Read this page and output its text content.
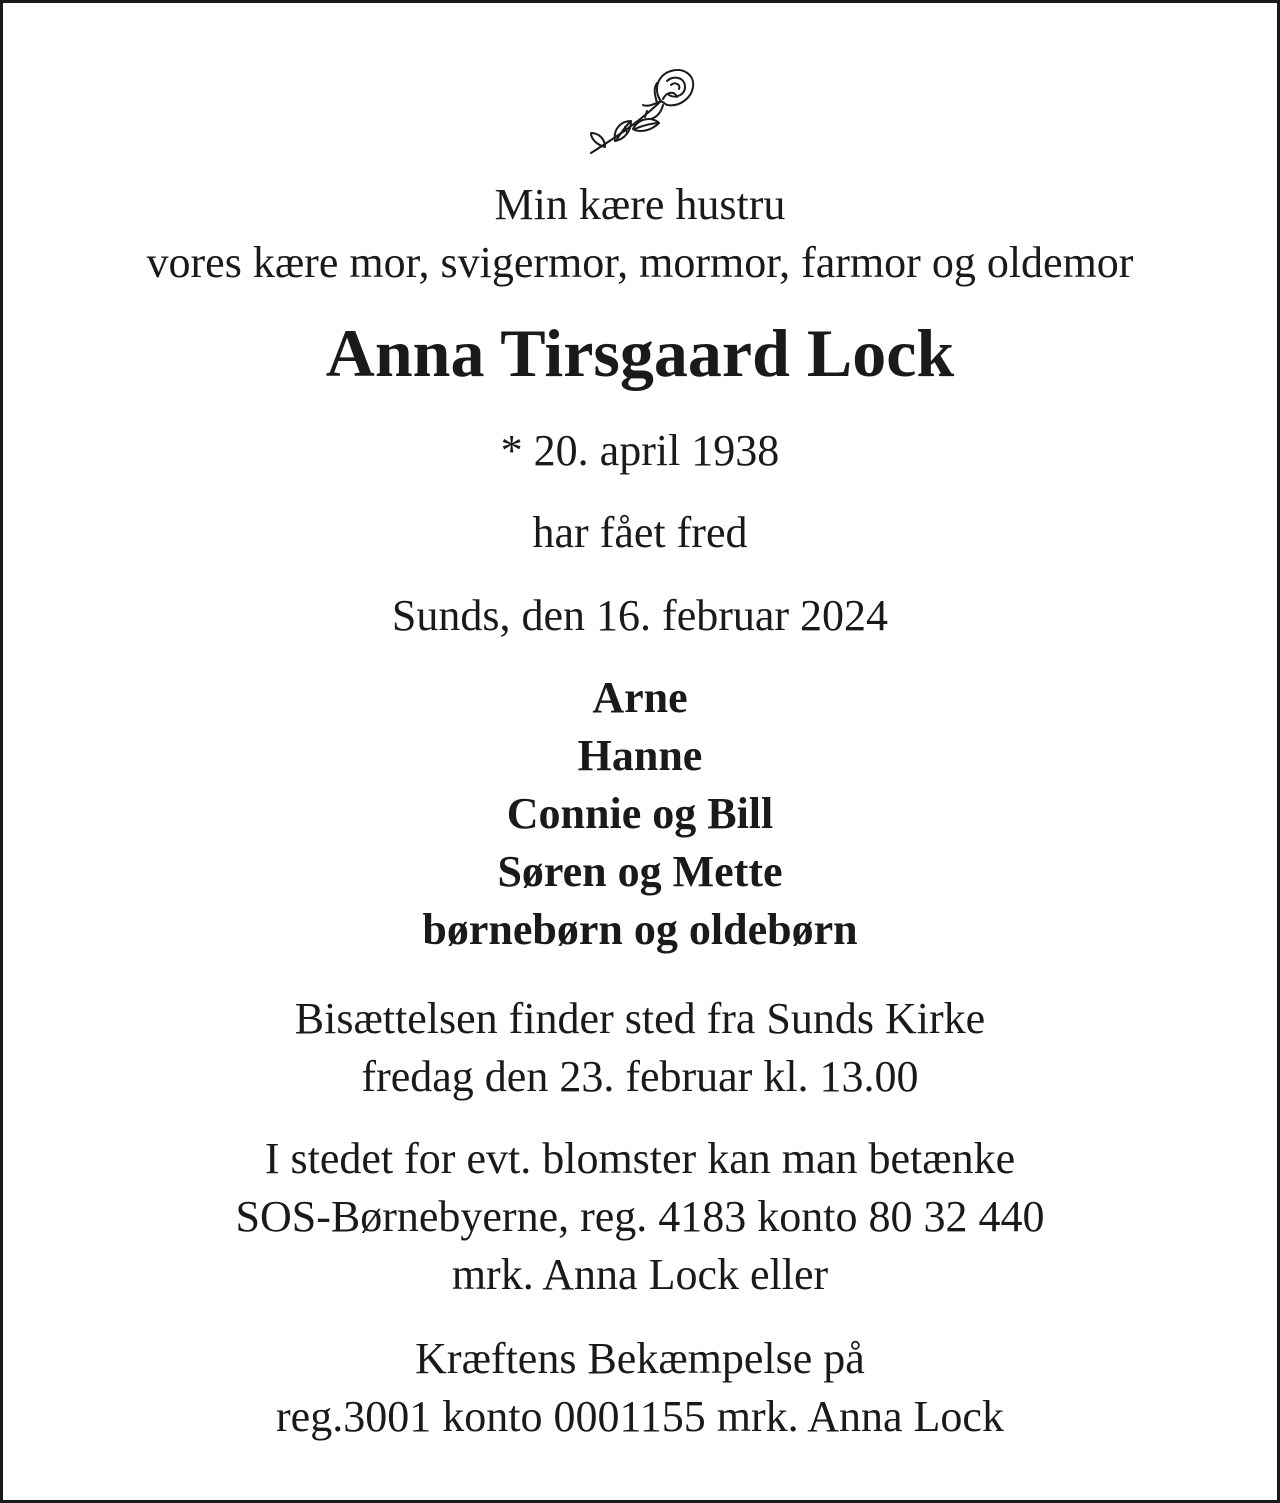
Min kære hustru
vores kære mor, svigermor, mormor, farmor og oldemor
Anna Tirsgaard Lock
* 20. april 1938
har fået fred
Sunds, den 16. februar 2024
Arne
Hanne
Connie og Bill
Søren og Mette
børnebørn og oldebørn
Bisættelsen finder sted fra Sunds Kirke
fredag den 23. februar kl. 13.00
I stedet for evt. blomster kan man betænke
SOS-Børnebyerne, reg. 4183 konto 80 32 440
mrk. Anna Lock eller
Kræftens Bekæmpelse på
reg.3001 konto 0001155 mrk. Anna Lock
